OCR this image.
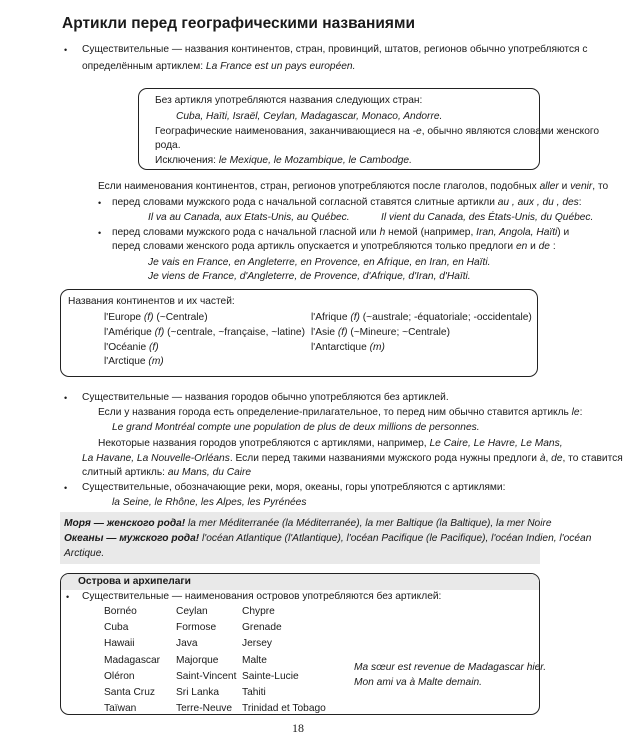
Артикли перед географическими названиями
• Существительные — названия континентов, стран, провинций, штатов, регионов обычно употребляются с
определённым артиклем: La France est un pays européen.
Без артикля употребляются названия следующих стран:
Cuba, Haïti, Israël, Ceylan, Madagascar, Monaco, Andorre.
Географические наименования, заканчивающиеся на -e, обычно являются словами женского
рода.
Исключения: le Mexique, le Mozambique, le Cambodge.
Если наименования континентов, стран, регионов употребляются после глаголов, подобных aller и venir, то
• перед словами мужского рода с начальной согласной ставятся слитные артикли au , aux , du , des:
Il va au Canada, aux Etats-Unis, au Québec.	Il vient du Canada, des États-Unis, du Québec.
• перед словами мужского рода с начальной гласной или h немой (например, Iran, Angola, Haïti) и
перед словами женского рода артикль опускается и употребляются только предлоги en и de :
Je vais en France, en Angleterre, en Provence, en Afrique, en Iran, en Haïti.
Je viens de France, d'Angleterre, de Provence, d'Afrique, d'Iran, d'Haïti.
Названия континентов и их частей:
l'Europe (f) (~Centrale)
l'Amérique (f) (~centrale, ~française, ~latine)
l'Océanie (f)
l'Arctique (m)
l'Afrique (f) (~australe; -équatoriale; -occidentale)
l'Asie (f) (~Mineure; ~Centrale)
l'Antarctique (m)
• Существительные — названия городов обычно употребляются без артиклей.
Если у названия города есть определение-прилагательное, то перед ним обычно ставится артикль le:
Le grand Montréal compte une population de plus de deux millions de personnes.
Некоторые названия городов употребляются с артиклями, например, Le Caire, Le Havre, Le Mans,
La Havane, La Nouvelle-Orléans. Если перед такими названиями мужского рода нужны предлоги à, de, то ставится
слитный артикль: au Mans, du Caire
• Существительные, обозначающие реки, моря, океаны, горы употребляются с артиклями:
la Seine, le Rhône, les Alpes, les Pyrénées
Моря — женского рода! la mer Méditerranée (la Méditerranée), la mer Baltique (la Baltique), la mer Noire
Океаны — мужского рода! l'océan Atlantique (l'Atlantique), l'océan Pacifique (le Pacifique), l'océan Indien, l'océan
Arctique.
Острова и архипелаги
• Существительные — наименования островов употребляются без артиклей:
Bornéo
Cuba
Hawaii
Madagascar
Oléron
Santa Cruz
Taïwan
Ceylan
Formose
Java
Majorque
Saint-Vincent
Sri Lanka
Terre-Neuve
Chypre
Grenade
Jersey
Malte
Sainte-Lucie
Tahiti
Trinidad et Tobago
Ma sœur est revenue de Madagascar hier.
Mon ami va à Malte demain.
18
